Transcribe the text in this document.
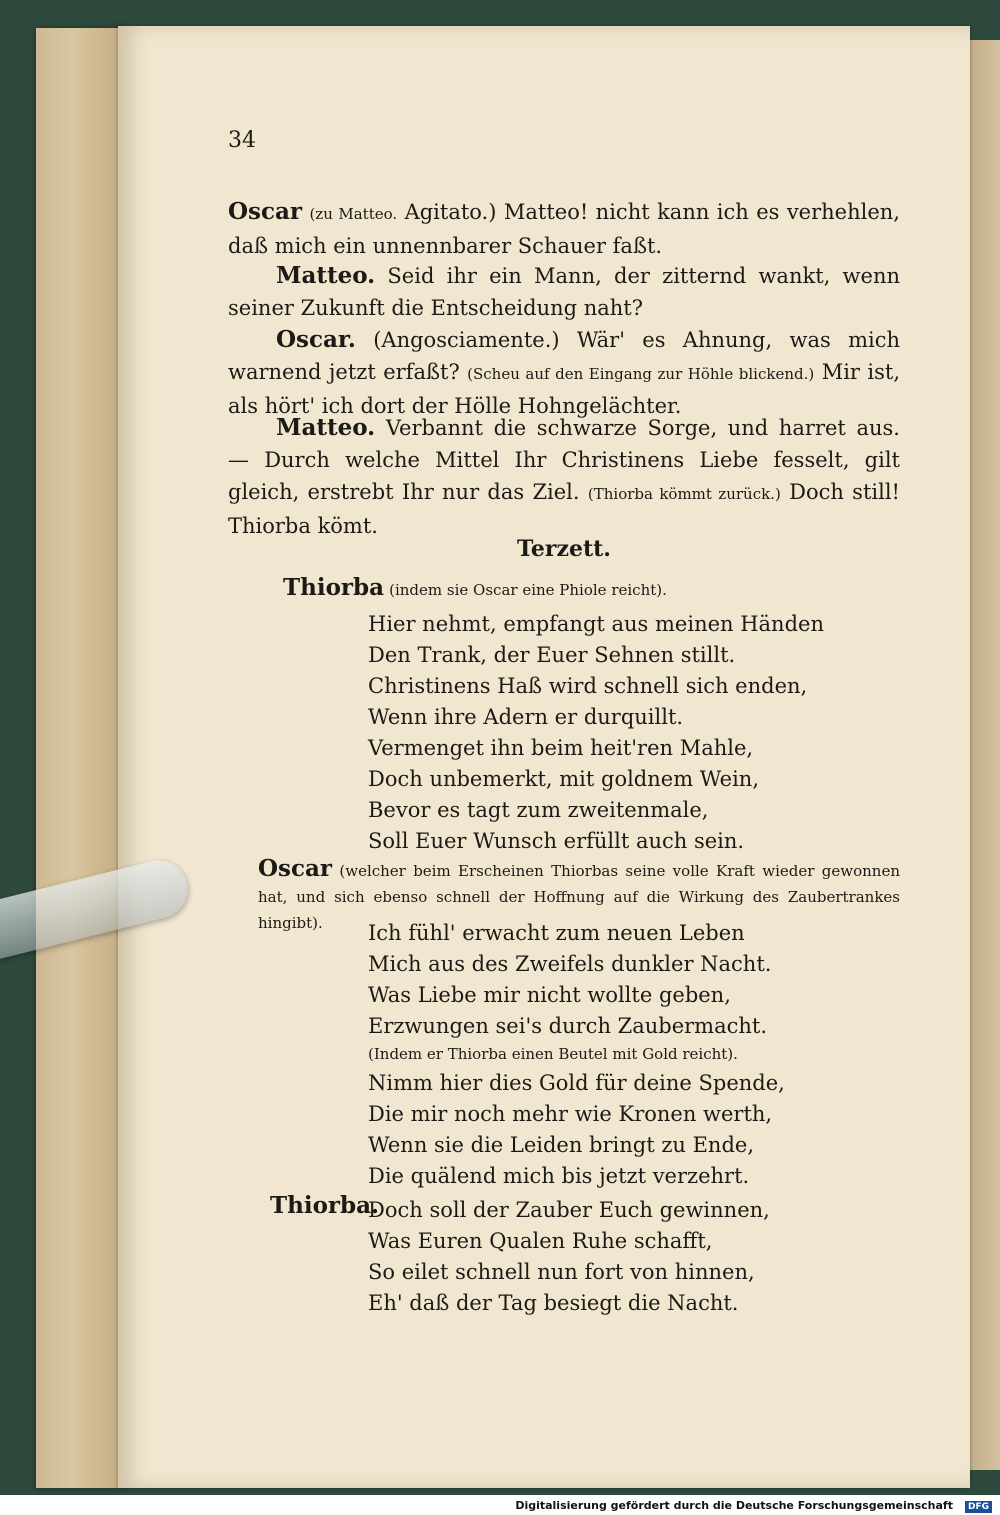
34
Oscar (zu Matteo. Agitato.) Matteo! nicht kann ich es verhehlen, daß mich ein unnennbarer Schauer faßt.
Matteo. Seid ihr ein Mann, der zitternd wankt, wenn seiner Zukunft die Entscheidung naht?
Oscar. (Angosciamente.) Wär' es Ahnung, was mich warnend jetzt erfaßt? (Scheu auf den Eingang zur Höhle blickend.) Mir ist, als hört' ich dort der Hölle Hohngelächter.
Matteo. Verbannt die schwarze Sorge, und harret aus. — Durch welche Mittel Ihr Christinens Liebe fesselt, gilt gleich, erstrebt Ihr nur das Ziel. (Thiorba kömmt zurück.) Doch still! Thiorba kömt.
Terzett.
Thiorba (indem sie Oscar eine Phiole reicht).
Hier nehmt, empfangt aus meinen Händen
Den Trank, der Euer Sehnen stillt.
Christinens Haß wird schnell sich enden,
Wenn ihre Adern er durquillt.
Vermenget ihn beim heit'ren Mahle,
Doch unbemerkt, mit goldnem Wein,
Bevor es tagt zum zweitenmale,
Soll Euer Wunsch erfüllt auch sein.
Oscar (welcher beim Erscheinen Thiorbas seine volle Kraft wieder gewonnen hat, und sich ebenso schnell der Hoffnung auf die Wirkung des Zaubertrankes hingibt).	Ich fühl' erwacht zum neuen Leben
Mich aus des Zweifels dunkler Nacht.
Was Liebe mir nicht wollte geben,
Erzwungen sei's durch Zaubermacht.
(Indem er Thiorba einen Beutel mit Gold reicht).
Nimm hier dies Gold für deine Spende,
Die mir noch mehr wie Kronen werth,
Wenn sie die Leiden bringt zu Ende,
Die quälend mich bis jetzt verzehrt.
Thiorba.
Doch soll der Zauber Euch gewinnen,
Was Euren Qualen Ruhe schafft,
So eilet schnell nun fort von hinnen,
Eh' daß der Tag besiegt die Nacht.
Digitalisierung gefördert durch die Deutsche Forschungsgemeinschaft DFG
